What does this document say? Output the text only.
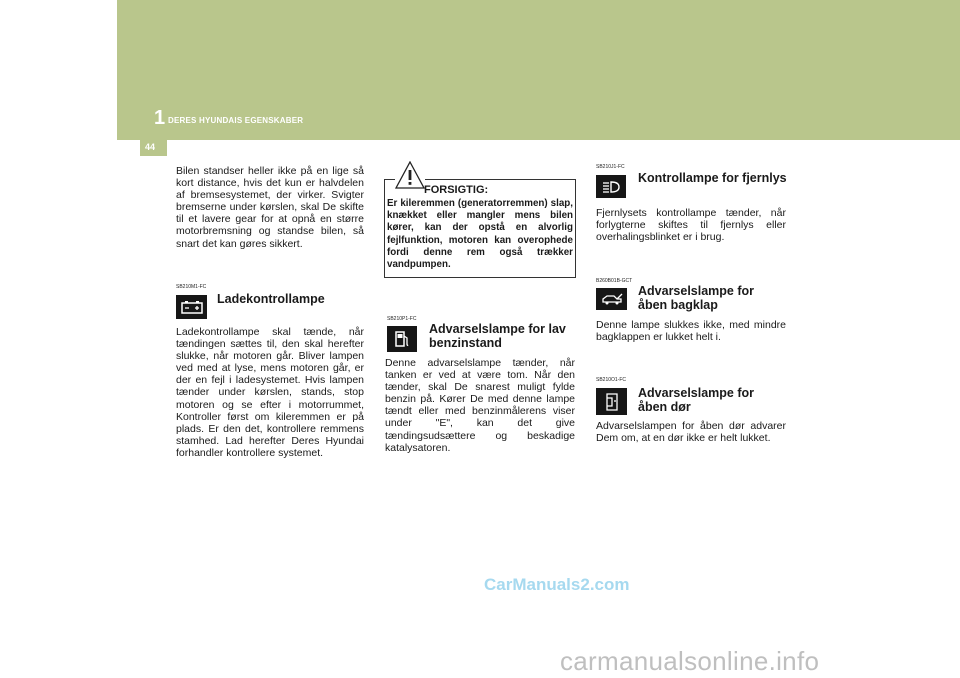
1 DERES HYUNDAIS EGENSKABER
44

Bilen standser heller ikke på en lige så kort distance, hvis det kun er halvdelen af bremsesystemet, der virker. Svigter bremserne under kørslen, skal De skifte til et lavere gear for at opnå en større motorbremsning og standse bilen, så snart det kan gøres sikkert.

SB210M1-FC
Ladekontrollampe

Ladekontrollampe skal tænde, når tændingen sættes til, den skal herefter slukke, når motoren går. Bliver lampen ved med at lyse, mens motoren går, er der en fejl i ladesystemet. Hvis lampen tænder under kørslen, stands, stop motoren og se efter i motorrummet, Kontroller først om kileremmen er på plads. Er den det, kontrollere remmens stamhed. Lad herefter Deres Hyundai forhandler kontrollere systemet.

FORSIGTIG:
Er kileremmen (generatorremmen) slap, knækket eller mangler mens bilen kører, kan der opstå en alvorlig fejlfunktion, motoren kan overophede fordi denne rem også trækker vandpumpen.
SB210P1-FC
Advarselslampe for lav benzinstand

Denne advarselslampe tænder, når tanken er ved at være tom. Når den tænder, skal De snarest muligt fylde benzin på. Kører De med denne lampe tændt eller med benzinmålerens viser under "E", kan det give tændingsudsættere og beskadige katalysatoren.

SB210J1-FC
Kontrollampe for fjernlys

Fjernlysets kontrollampe tænder, når forlygterne skiftes til fjernlys eller overhalingsblinket er i brug.

B260B01B-GCT
Advarselslampe for åben bagklap

Denne lampe slukkes ikke, med mindre bagklappen er lukket helt i.

SB210O1-FC
Advarselslampe for åben dør

Advarselslampen for åben dør advarer Dem om, at en dør ikke er helt lukket.

CarManuals2.com
carmanualsonline.info
